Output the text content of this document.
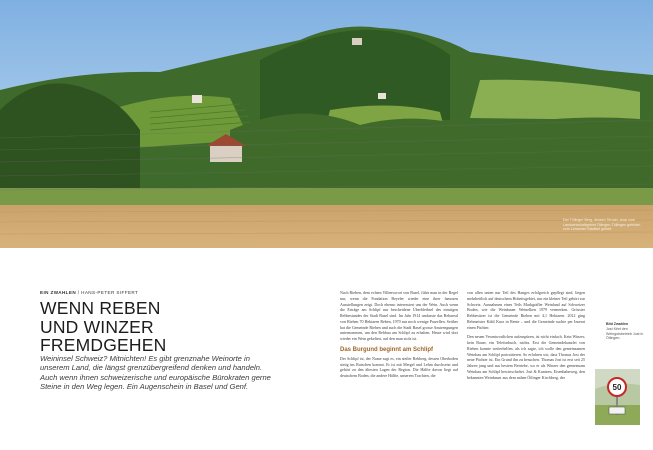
Der Tüllinger Berg, dessen Terrain, zwar vom Landwirtschaftgebiet Ötlingen-Tüllingen gebildet, zum Lörracher Stadtteil gehört.
EIN ZWAHLEN / HANS-PETER SIFFERT
WENN REBEN
UND WINZER
FREMDGEHEN
Weininsel Schweiz? Mitnichten! Es gibt grenznahe Weinorte in unserem Land, die längst grenzübergreifend denken und handeln. Auch wenn ihnen schweizerische und europäische Bürokraten gerne Steine in den Weg legen. Ein Augenschein in Basel und Genf.

Nach Riehen, dem echten Villenvorort von Basel, führt man in der Regel nur, wenn die Fondation Beyeler wieder eine ihrer famosen Ausstellungen zeigt. Doch ebenso interessiert uns der Wein. Auch wenn die Erträge am Schlipf nur bescheidene Überbleibsel des einstigen Rebbestandes der Stadt Basel sind. Im Jahr 1914 umfasste das Rebareal von Riehen 70 Hektaren Reben, 1970 nur noch wenige Parzellen. Seither hat die Gemeinde Riehen und auch die Stadt Basel grosse Anstrengungen unternommen, um den Rebbau am Schlipf zu erhalten. Heute wird dort wieder ein Wein gekeltert, auf den man stolz ist.

Das Burgund beginnt am Schlipf

Der Schlipf ist, der Name sagt es, ein steiler Rebberg, dessen Oberboden stetig ins Rutschen kommt. Er ist mit Mergel und Lehm durchsetzt und gehört zu den ältesten Lagen der Region. Die Hälfte davon liegt auf deutschem Boden, die andere Hälfte, unserem Trachten, die

von allen unten nur Teil des Hanges erfolgreich gepflegt sind, liegen mehrheitlich auf deutschem Hoheitsgebiet, nur ein kleiner Teil gehört zur Schweiz. Ausnahmen eines Teils Markgräfler Weinland auf Schweizer Boden, wie die Weinbauer Weinelken 1979 vermerken. Grösster Rebbesitzer ist die Gemeinde Riehen mit 4,1 Hektaren. 2012 ging Rebmeister Kühl Kurz in Rente – und die Gemeinde suchte per Inserat einen Pächter.

Den neuen Verantwortlichen aufzuspüren, ist nicht einfach. Kein Winzer, kein Bauer, ein Telefonbuch, nichts. Erst die Gemeindekanzlei von Riehen konnte weiterhelfen, als ich sagte, ich wolle den gemeinsamen Weinbau am Schlipf portraitieren. So erfuhren wir, dass Thomas Jost der neue Pächter ist. Ein Grund ihn zu besuchen. Thomas Jost ist erst seit 25 Jahren jung und aus bestem Betriebe, wo er als Winzer den gemeinsam Weinbau am Schlipf bewirtschaftet. Jost & Kuntzen, Eisenbahnweg, den bekannten Weinbauer aus dem nahen Ötlinger Kirchberg, der

Bild Zwahlen
Jost führt den Weingutsbetrieb Jost in Ötlingen.
50
